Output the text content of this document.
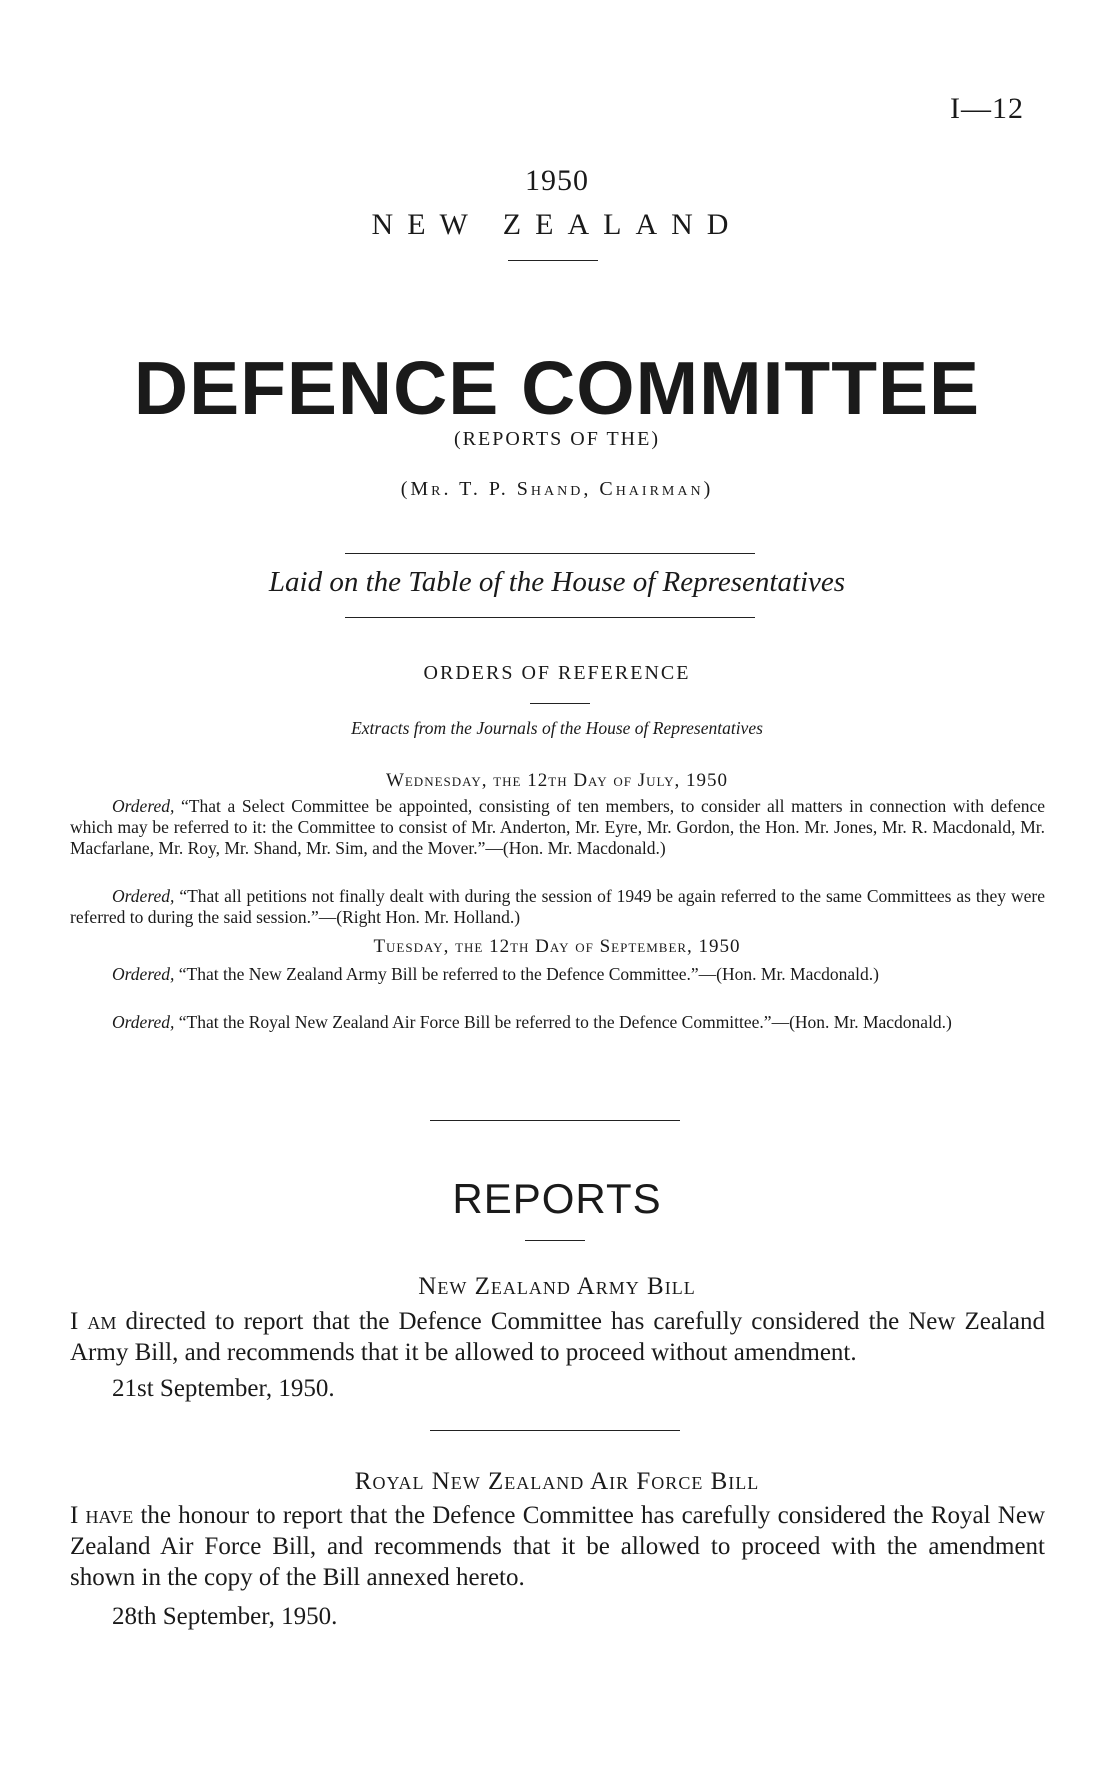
I—12
1950
NEW ZEALAND
DEFENCE COMMITTEE
(REPORTS OF THE)
(Mr. T. P. Shand, Chairman)
Laid on the Table of the House of Representatives
ORDERS OF REFERENCE
Extracts from the Journals of the House of Representatives
Wednesday, the 12th Day of July, 1950
Ordered, “That a Select Committee be appointed, consisting of ten members, to consider all matters in connection with defence which may be referred to it: the Committee to consist of Mr. Anderton, Mr. Eyre, Mr. Gordon, the Hon. Mr. Jones, Mr. R. Macdonald, Mr. Macfarlane, Mr. Roy, Mr. Shand, Mr. Sim, and the Mover.”—(Hon. Mr. Macdonald.)
Ordered, “That all petitions not finally dealt with during the session of 1949 be again referred to the same Committees as they were referred to during the said session.”—(Right Hon. Mr. Holland.)
Tuesday, the 12th Day of September, 1950
Ordered, “That the New Zealand Army Bill be referred to the Defence Committee.”—(Hon. Mr. Macdonald.)
Ordered, “That the Royal New Zealand Air Force Bill be referred to the Defence Committee.”—(Hon. Mr. Macdonald.)
REPORTS
New Zealand Army Bill
I am directed to report that the Defence Committee has carefully considered the New Zealand Army Bill, and recommends that it be allowed to proceed without amendment.
21st September, 1950.
Royal New Zealand Air Force Bill
I have the honour to report that the Defence Committee has carefully considered the Royal New Zealand Air Force Bill, and recommends that it be allowed to proceed with the amendment shown in the copy of the Bill annexed hereto.
28th September, 1950.
